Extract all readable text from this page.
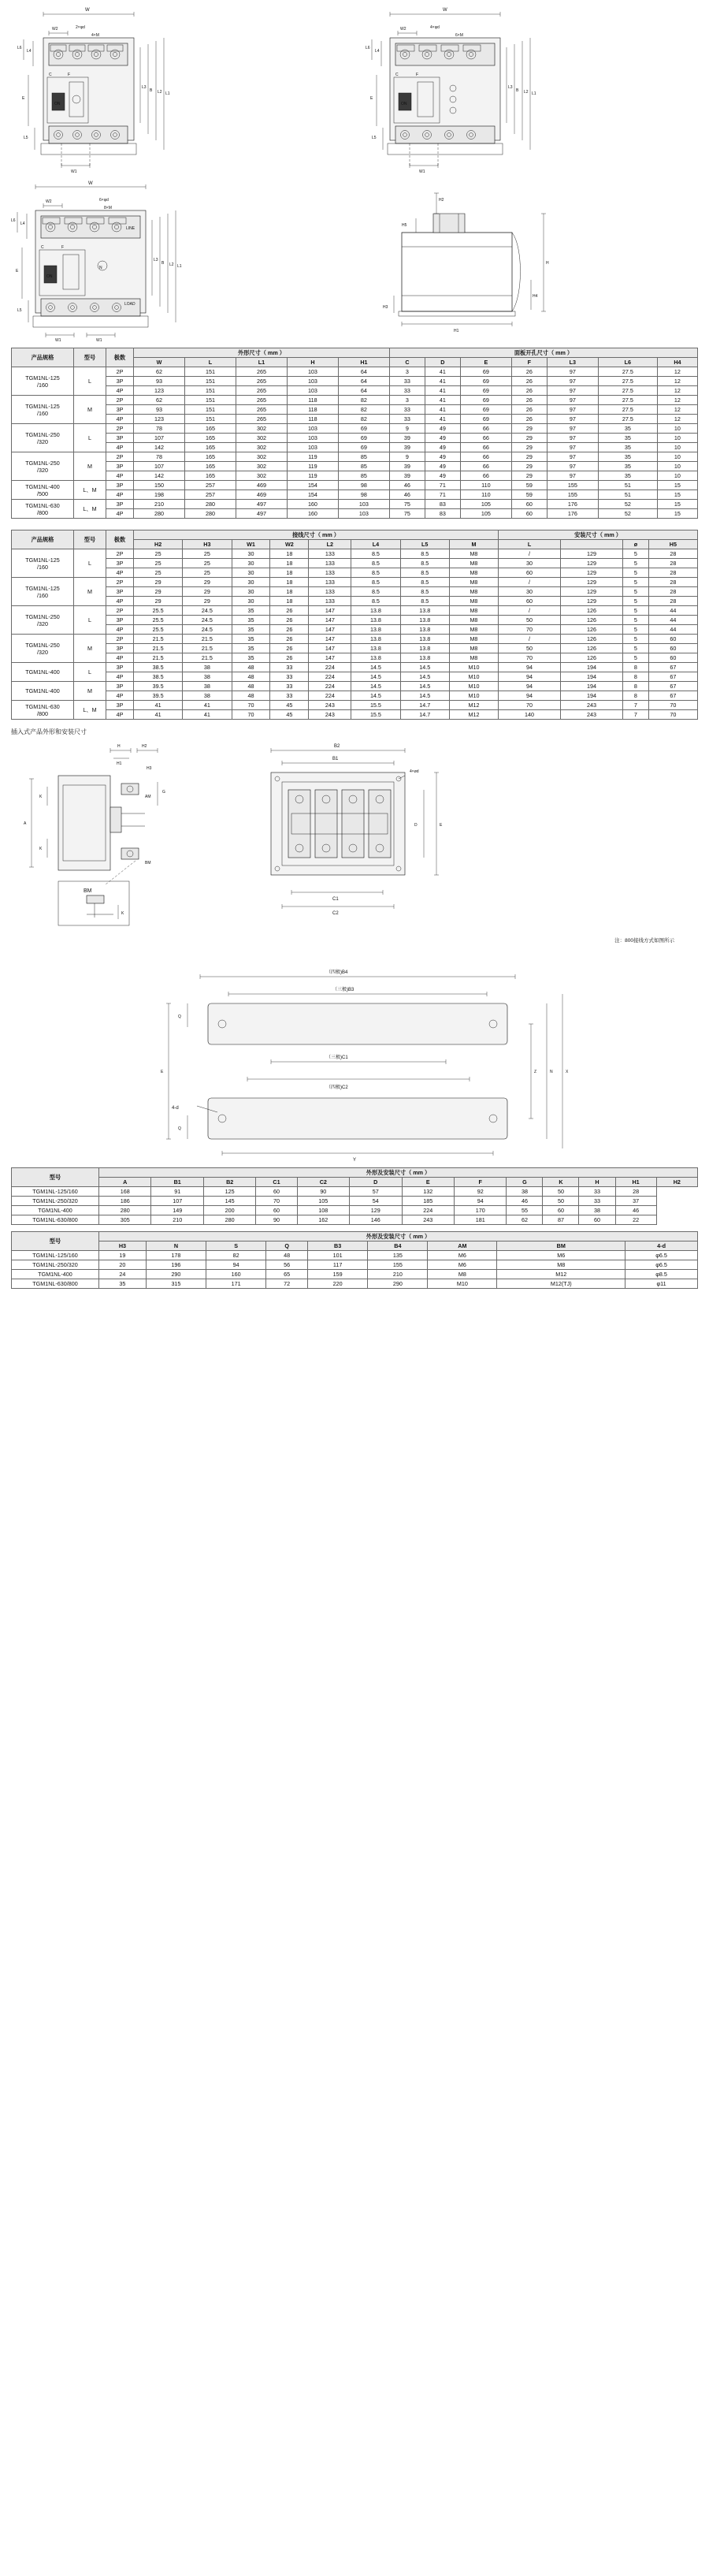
W
W2	2×φd
4×M
ON
L6
L4
E
L5
L3
B L2 L1
C	F
W1
W
W2	4×φd
6×M
ON
L6
L4
E
L5
L3
B L2 L1
C	F
W1
W
W2	6×φd
8×M
LINE
ON
N
LOAD
L6
L4
E
L5
L3
B L2 L1
C	F
W1	W1
H2
H5
H1
H3
H4
H
产品规格	型号	极数	外形尺寸（ mm ）					面板开孔尺寸（ mm ）						
			W	L	L1	H	H1	C	D	E	F	L3	L6	H4
TGM1NL-125
/160	L	2P	62	151	265	103	64	3	41	69	26	97	27.5	12
		3P	93	151	265	103	64	33	41	69	26	97	27.5	12
		4P	123	151	265	103	64	33	41	69	26	97	27.5	12
TGM1NL-125
/160	M	2P	62	151	265	118	82	3	41	69	26	97	27.5	12
		3P	93	151	265	118	82	33	41	69	26	97	27.5	12
		4P	123	151	265	118	82	33	41	69	26	97	27.5	12
TGM1NL-250
/320	L	2P	78	165	302	103	69	9	49	66	29	97	35	10
		3P	107	165	302	103	69	39	49	66	29	97	35	10
		4P	142	165	302	103	69	39	49	66	29	97	35	10
TGM1NL-250
/320	M	2P	78	165	302	119	85	9	49	66	29	97	35	10
		3P	107	165	302	119	85	39	49	66	29	97	35	10
		4P	142	165	302	119	85	39	49	66	29	97	35	10
TGM1NL-400
/500	L、M	3P	150	257	469	154	98	46	71	110	59	155	51	15
		4P	198	257	469	154	98	46	71	110	59	155	51	15
TGM1NL-630
/800	L、M	3P	210	280	497	160	103	75	83	105	60	176	52	15
		4P	280	280	497	160	103	75	83	105	60	176	52	15
产品规格	型号	极数	接线尺寸（ mm ）								安装尺寸（ mm ）			
			H2	H3	W1	W2	L2	L4	L5	M	L		ø	H5
TGM1NL-125
/160	L	2P	25	25	30	18	133	8.5	8.5	M8	/	129	5	28
		3P	25	25	30	18	133	8.5	8.5	M8	30	129	5	28
		4P	25	25	30	18	133	8.5	8.5	M8	60	129	5	28
TGM1NL-125
/160	M	2P	29	29	30	18	133	8.5	8.5	M8	/	129	5	28
		3P	29	29	30	18	133	8.5	8.5	M8	30	129	5	28
		4P	29	29	30	18	133	8.5	8.5	M8	60	129	5	28
TGM1NL-250
/320	L	2P	25.5	24.5	35	26	147	13.8	13.8	M8	/	126	5	44
		3P	25.5	24.5	35	26	147	13.8	13.8	M8	50	126	5	44
		4P	25.5	24.5	35	26	147	13.8	13.8	M8	70	126	5	44
TGM1NL-250
/320	M	2P	21.5	21.5	35	26	147	13.8	13.8	M8	/	126	5	60
		3P	21.5	21.5	35	26	147	13.8	13.8	M8	50	126	5	60
		4P	21.5	21.5	35	26	147	13.8	13.8	M8	70	126	5	60
TGM1NL-400	L	3P	38.5	38	48	33	224	14.5	14.5	M10	94	194	8	67
		4P	38.5	38	48	33	224	14.5	14.5	M10	94	194	8	67
TGM1NL-400	M	3P	39.5	38	48	33	224	14.5	14.5	M10	94	194	8	67
		4P	39.5	38	48	33	224	14.5	14.5	M10	94	194	8	67
TGM1NL-630
/800	L、M	3P	41	41	70	45	243	15.5	14.7	M12	70	243	7	70
		4P	41	41	70	45	243	15.5	14.7	M12	140	243	7	70
插入式产品外形和安装尺寸
H	H2
H1
H3
K
K
A
AM
G
BM
BM
K
B2
B1
4×ød
E
D
C1
C2
注：800接线方式如图所示
（四极)B4
（三极)B3
（三极)C1
（四极)C2
Q
Q
E	Z	N	X
4-d
Y
型号	外形及安装尺寸（ mm ）												
	A	B1	B2	C1	C2	D	E	F	G	K	H	H1	H2
TGM1NL-125/160	168	91	125	60	90	57	132	92	38	50	33	28	
TGM1NL-250/320	186	107	145	70	105	54	185	94	46	50	33	37	
TGM1NL-400	280	149	200	60	108	129	224	170	55	60	38	46	
TGM1NL-630/800	305	210	280	90	162	146	243	181	62	87	60	22	
型号	外形及安装尺寸（ mm ）								
	H3	N	S	Q	B3	B4	AM	BM	4-d
TGM1NL-125/160	19	178	82	48	101	135	M6	M6	φ6.5
TGM1NL-250/320	20	196	94	56	117	155	M6	M8	φ6.5
TGM1NL-400	24	290	160	65	159	210	M8	M12	φ8.5
TGM1NL-630/800	35	315	171	72	220	290	M10	M12(TJ)	φ11
